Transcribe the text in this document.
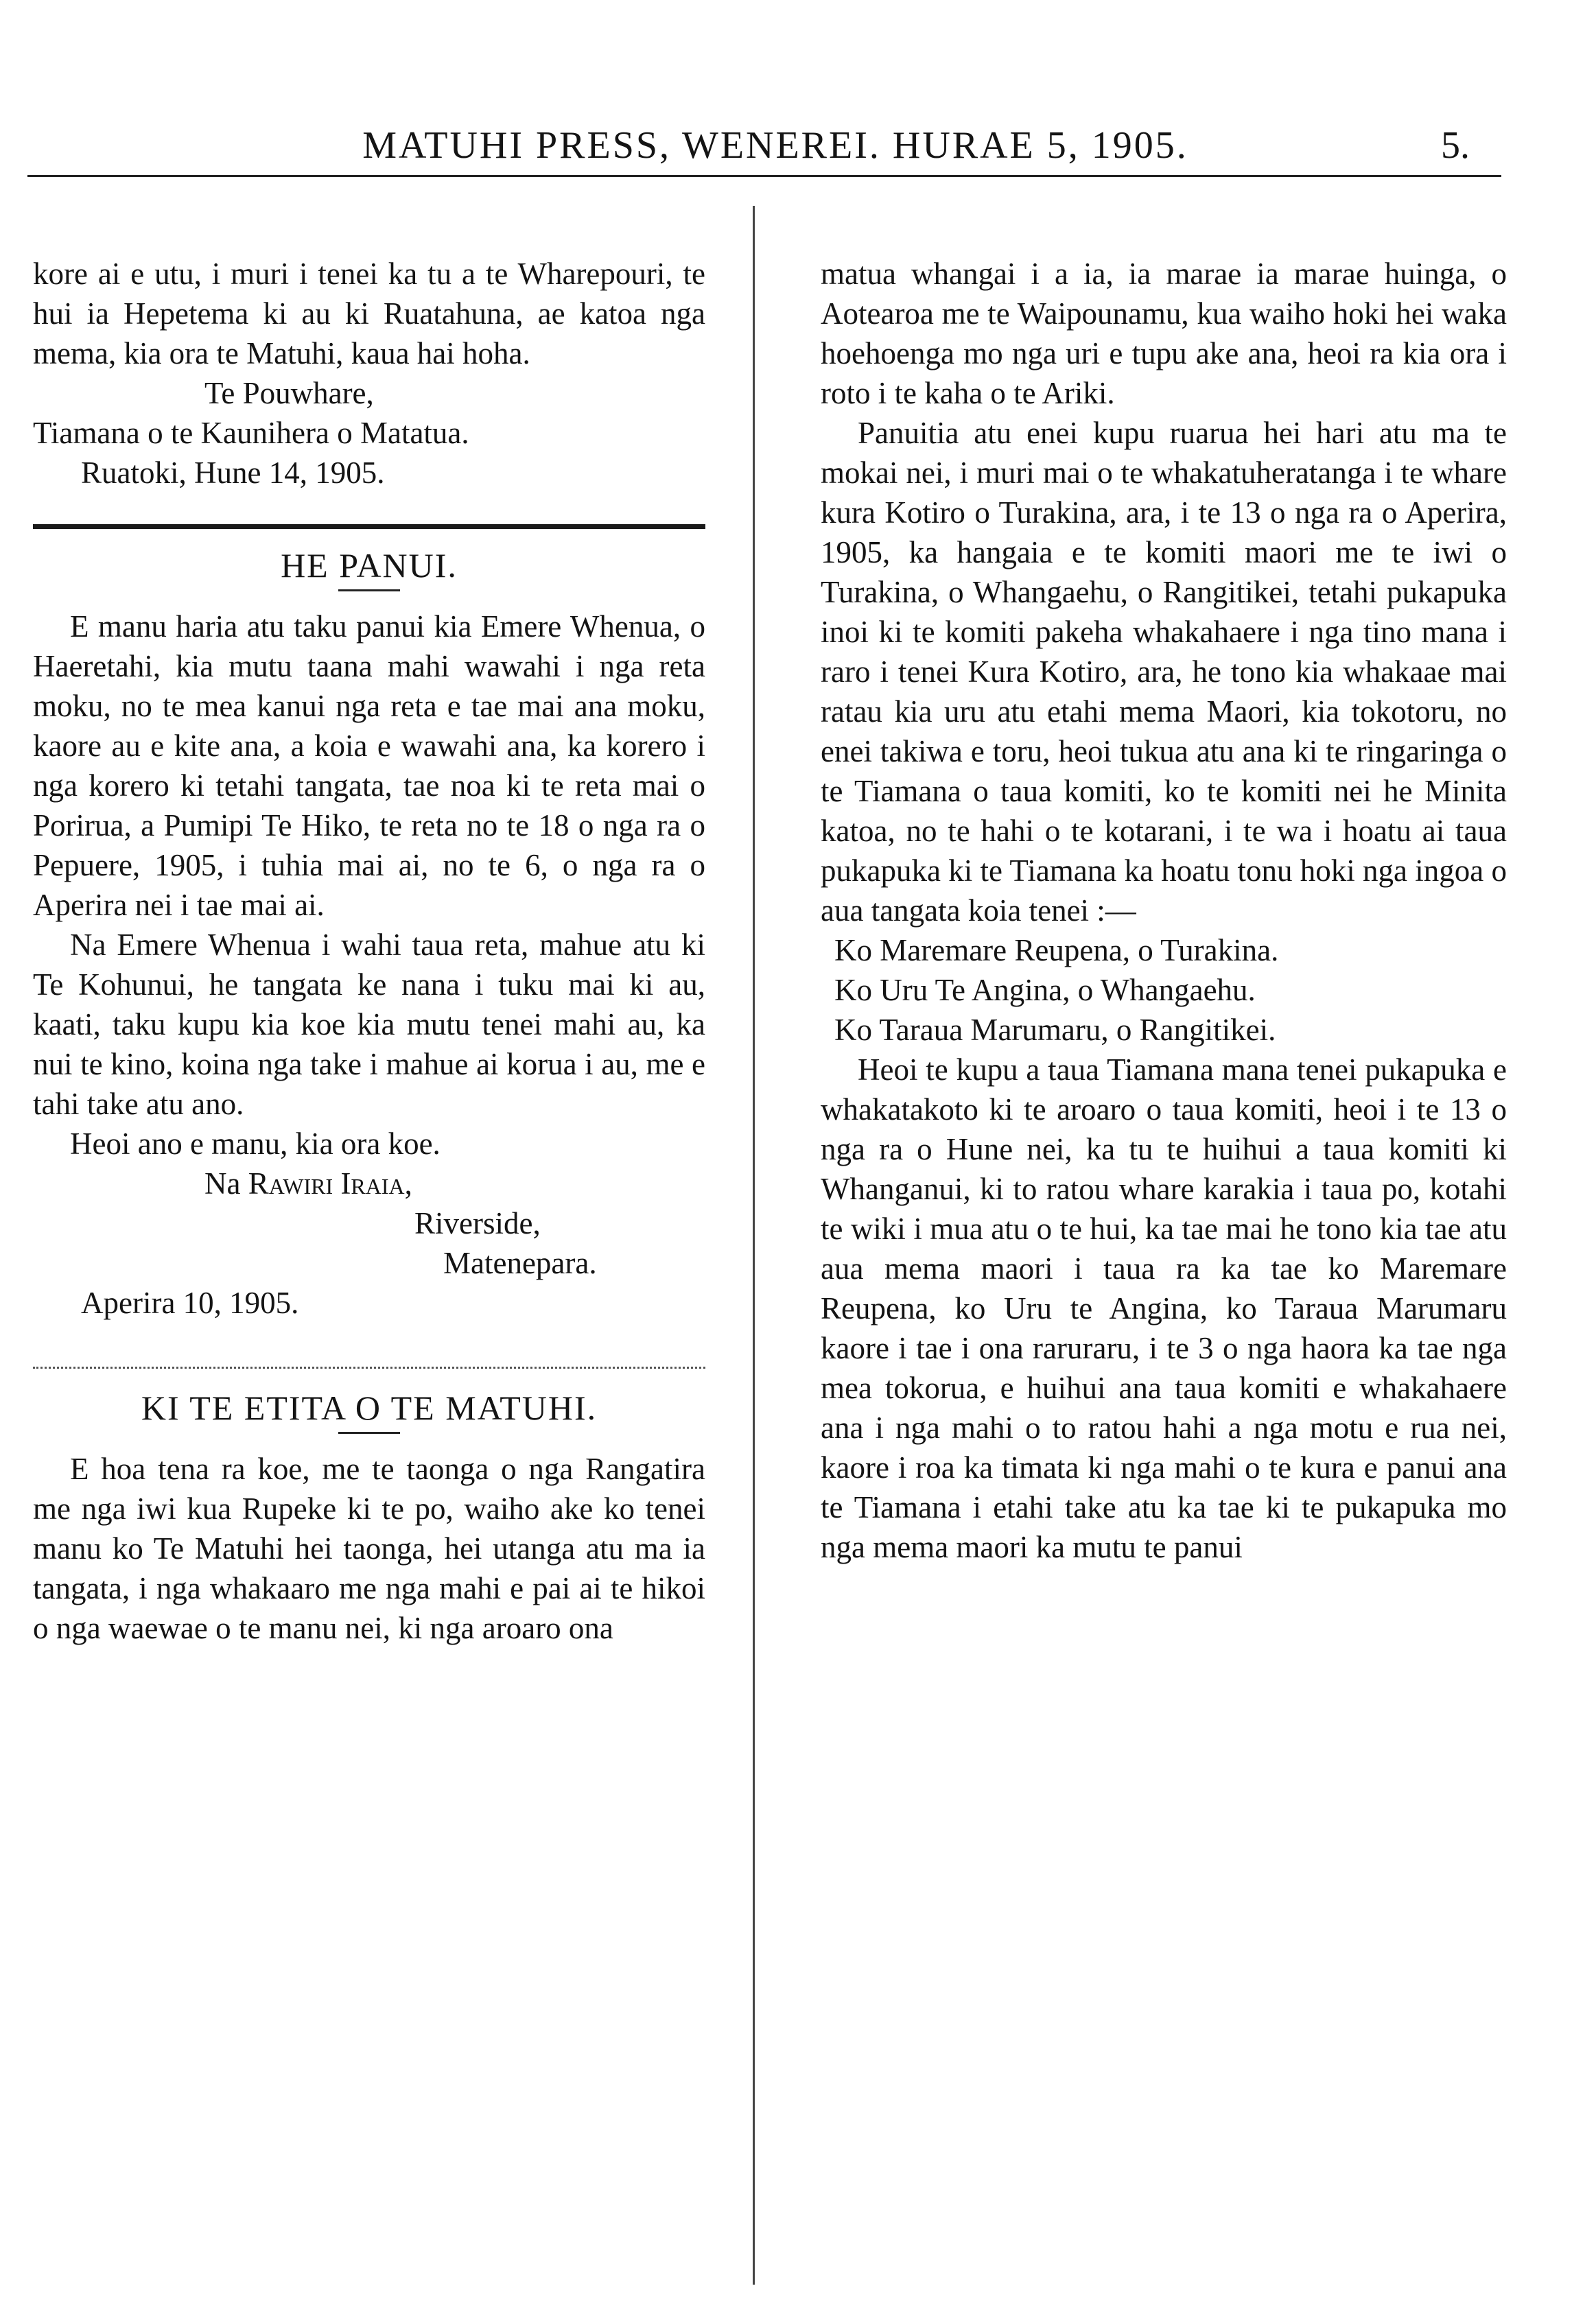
MATUHI PRESS, WENEREI. HURAE 5, 1905.	5.

kore ai e utu, i muri i tenei ka tu a te Wharepouri, te hui ia Hepetema ki au ki Ruatahuna, ae katoa nga mema, kia ora te Matuhi, kaua hai hoha.

Te Pouwhare,

Tiamana o te Kaunihera o Matatua.

Ruatoki, Hune 14, 1905.

HE PANUI.

E manu haria atu taku panui kia Emere Whenua, o Haeretahi, kia mutu taana mahi wawahi i nga reta moku, no te mea kanui nga reta e tae mai ana moku, kaore au e kite ana, a koia e wawahi ana, ka korero i nga korero ki tetahi tangata, tae noa ki te reta mai o Porirua, a Pumipi Te Hiko, te reta no te 18 o nga ra o Pepuere, 1905, i tuhia mai ai, no te 6, o nga ra o Aperira nei i tae mai ai.

Na Emere Whenua i wahi taua reta, mahue atu ki Te Kohunui, he tangata ke nana i tuku mai ki au, kaati, taku kupu kia koe kia mutu tenei mahi au, ka nui te kino, koina nga take i mahue ai korua i au, me e tahi take atu ano.

Heoi ano e manu, kia ora koe.

Na Rawiri Iraia,

Riverside,

Matenepara.

Aperira 10, 1905.

KI TE ETITA O TE MATUHI.

E hoa tena ra koe, me te taonga o nga Rangatira me nga iwi kua Rupeke ki te po, waiho ake ko tenei manu ko Te Matuhi hei taonga, hei utanga atu ma ia tangata, i nga whakaaro me nga mahi e pai ai te hikoi o nga waewae o te manu nei, ki nga aroaro ona

matua whangai i a ia, ia marae ia marae huinga, o Aotearoa me te Waipounamu, kua waiho hoki hei waka hoehoenga mo nga uri e tupu ake ana, heoi ra kia ora i roto i te kaha o te Ariki.

Panuitia atu enei kupu ruarua hei hari atu ma te mokai nei, i muri mai o te whakatuheratanga i te whare kura Kotiro o Turakina, ara, i te 13 o nga ra o Aperira, 1905, ka hangaia e te komiti maori me te iwi o Turakina, o Whangaehu, o Rangitikei, tetahi pukapuka inoi ki te komiti pakeha whakahaere i nga tino mana i raro i tenei Kura Kotiro, ara, he tono kia whakaae mai ratau kia uru atu etahi mema Maori, kia tokotoru, no enei takiwa e toru, heoi tukua atu ana ki te ringaringa o te Tiamana o taua komiti, ko te komiti nei he Minita katoa, no te hahi o te kotarani, i te wa i hoatu ai taua pukapuka ki te Tiamana ka hoatu tonu hoki nga ingoa o aua tangata koia tenei :—

Ko Maremare Reupena, o Turakina.

Ko Uru Te Angina, o Whangaehu.

Ko Taraua Marumaru, o Rangitikei.

Heoi te kupu a taua Tiamana mana tenei pukapuka e whakatakoto ki te aroaro o taua komiti, heoi i te 13 o nga ra o Hune nei, ka tu te huihui a taua komiti ki Whanganui, ki to ratou whare karakia i taua po, kotahi te wiki i mua atu o te hui, ka tae mai he tono kia tae atu aua mema maori i taua ra ka tae ko Maremare Reupena, ko Uru te Angina, ko Taraua Marumaru kaore i tae i ona raruraru, i te 3 o nga haora ka tae nga mea tokorua, e huihui ana taua komiti e whakahaere ana i nga mahi o to ratou hahi a nga motu e rua nei, kaore i roa ka timata ki nga mahi o te kura e panui ana te Tiamana i etahi take atu ka tae ki te pukapuka mo nga mema maori ka mutu te panui
